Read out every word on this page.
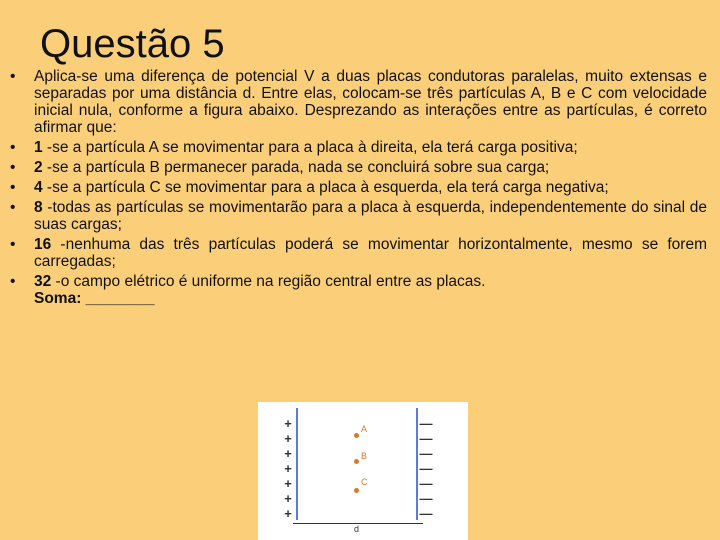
Questão 5
•	Aplica-se uma diferença de potencial V a duas placas condutoras paralelas, muito extensas e separadas por uma distância d. Entre elas, colocam-se três partículas A, B e C com velocidade inicial nula, conforme a figura abaixo. Desprezando as interações entre as partículas, é correto afirmar que:
•	1 -se a partícula A se movimentar para a placa à direita, ela terá carga positiva;
•	2 -se a partícula B permanecer parada, nada se concluirá sobre sua carga;
•	4 -se a partícula C se movimentar para a placa à esquerda, ela terá carga negativa;
•	8 -todas as partículas se movimentarão para a placa à esquerda, independentemente do sinal de suas cargas;
•	16 -nenhuma das três partículas poderá se movimentar horizontalmente, mesmo se forem carregadas;
•	32 -o campo elétrico é uniforme na região central entre as placas.
Soma: ________
+
+
+
+
+
+
+
—
—
—
—
—
—
—
A
B
C
d
